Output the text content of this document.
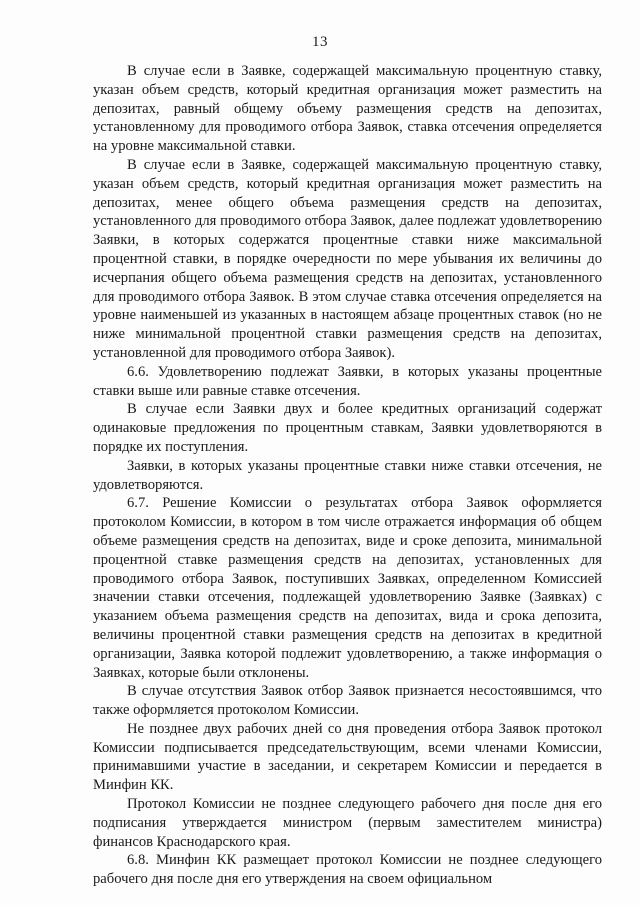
13

В случае если в Заявке, содержащей максимальную процентную ставку, указан объем средств, который кредитная организация может разместить на депозитах, равный общему объему размещения средств на депозитах, установленному для проводимого отбора Заявок, ставка отсечения определяется на уровне максимальной ставки.

В случае если в Заявке, содержащей максимальную процентную ставку, указан объем средств, который кредитная организация может разместить на депозитах, менее общего объема размещения средств на депозитах, установленного для проводимого отбора Заявок, далее подлежат удовлетворению Заявки, в которых содержатся процентные ставки ниже максимальной процентной ставки, в порядке очередности по мере убывания их величины до исчерпания общего объема размещения средств на депозитах, установленного для проводимого отбора Заявок. В этом случае ставка отсечения определяется на уровне наименьшей из указанных в настоящем абзаце процентных ставок (но не ниже минимальной процентной ставки размещения средств на депозитах, установленной для проводимого отбора Заявок).

6.6. Удовлетворению подлежат Заявки, в которых указаны процентные ставки выше или равные ставке отсечения.

В случае если Заявки двух и более кредитных организаций содержат одинаковые предложения по процентным ставкам, Заявки удовлетворяются в порядке их поступления.

Заявки, в которых указаны процентные ставки ниже ставки отсечения, не удовлетворяются.

6.7. Решение Комиссии о результатах отбора Заявок оформляется протоколом Комиссии, в котором в том числе отражается информация об общем объеме размещения средств на депозитах, виде и сроке депозита, минимальной процентной ставке размещения средств на депозитах, установленных для проводимого отбора Заявок, поступивших Заявках, определенном Комиссией значении ставки отсечения, подлежащей удовлетворению Заявке (Заявках) с указанием объема размещения средств на депозитах, вида и срока депозита, величины процентной ставки размещения средств на депозитах в кредитной организации, Заявка которой подлежит удовлетворению, а также информация о Заявках, которые были отклонены.

В случае отсутствия Заявок отбор Заявок признается несостоявшимся, что также оформляется протоколом Комиссии.

Не позднее двух рабочих дней со дня проведения отбора Заявок протокол Комиссии подписывается председательствующим, всеми членами Комиссии, принимавшими участие в заседании, и секретарем Комиссии и передается в Минфин КК.

Протокол Комиссии не позднее следующего рабочего дня после дня его подписания утверждается министром (первым заместителем министра) финансов Краснодарского края.

6.8. Минфин КК размещает протокол Комиссии не позднее следующего рабочего дня после дня его утверждения на своем официальном
